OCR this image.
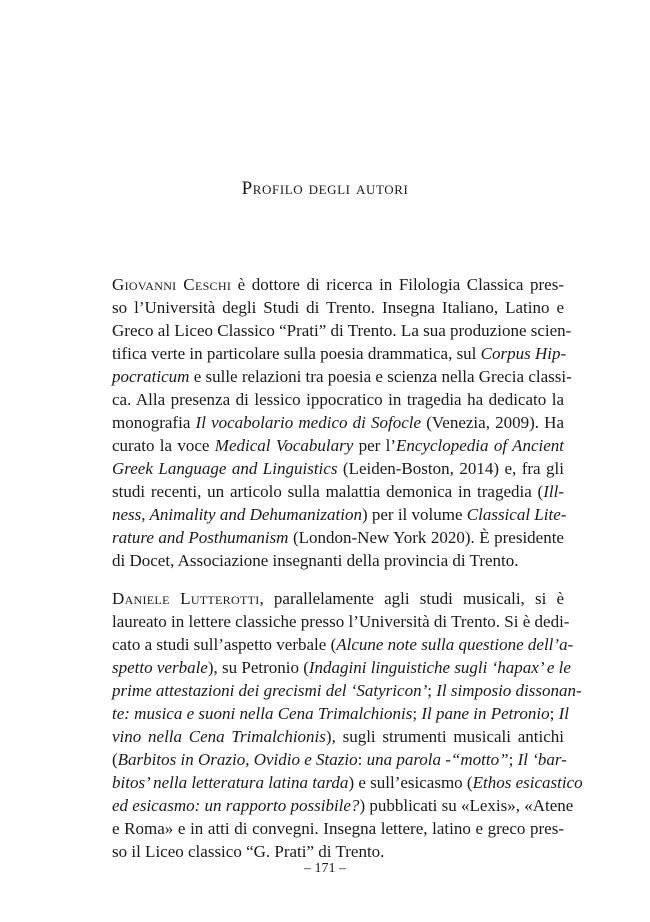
Profilo degli autori
Giovanni Ceschi è dottore di ricerca in Filologia Classica pres-
so l’Università degli Studi di Trento. Insegna Italiano, Latino e
Greco al Liceo Classico “Prati” di Trento. La sua produzione scien-
tifica verte in particolare sulla poesia drammatica, sul Corpus Hip-
pocraticum e sulle relazioni tra poesia e scienza nella Grecia classi-
ca. Alla presenza di lessico ippocratico in tragedia ha dedicato la
monografia Il vocabolario medico di Sofocle (Venezia, 2009). Ha
curato la voce Medical Vocabulary per l’Encyclopedia of Ancient
Greek Language and Linguistics (Leiden-Boston, 2014) e, fra gli
studi recenti, un articolo sulla malattia demonica in tragedia (Ill-
ness, Animality and Dehumanization) per il volume Classical Lite-
rature and Posthumanism (London-New York 2020). È presidente
di Docet, Associazione insegnanti della provincia di Trento.
Daniele Lutterotti, parallelamente agli studi musicali, si è
laureato in lettere classiche presso l’Università di Trento. Si è dedi-
cato a studi sull’aspetto verbale (Alcune note sulla questione dell’a-
spetto verbale), su Petronio (Indagini linguistiche sugli ‘hapax’ e le
prime attestazioni dei grecismi del ‘Satyricon’; Il simposio dissonan-
te: musica e suoni nella Cena Trimalchionis; Il pane in Petronio; Il
vino nella Cena Trimalchionis), sugli strumenti musicali antichi
(Barbitos in Orazio, Ovidio e Stazio: una parola -“motto”; Il ‘bar-
bitos’ nella letteratura latina tarda) e sull’esicasmo (Ethos esicastico
ed esicasmo: un rapporto possibile?) pubblicati su «Lexis», «Atene
e Roma» e in atti di convegni. Insegna lettere, latino e greco pres-
so il Liceo classico “G. Prati” di Trento.
– 171 –
